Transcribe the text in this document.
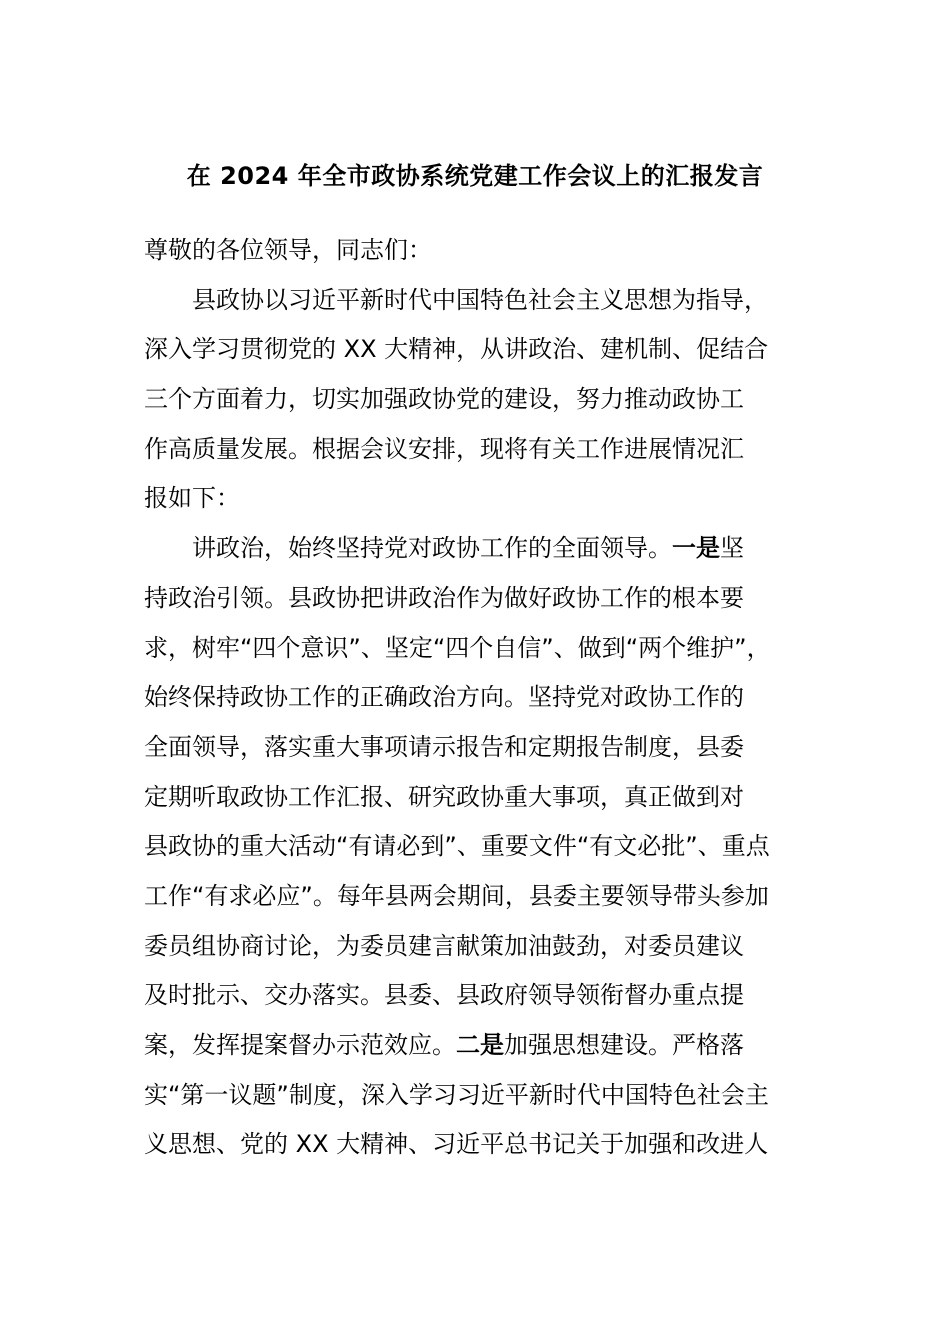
在 2024 年全市政协系统党建工作会议上的汇报发言
尊敬的各位领导，同志们：
县政协以习近平新时代中国特色社会主义思想为指导，
深入学习贯彻党的 XX 大精神，从讲政治、建机制、促结合
三个方面着力，切实加强政协党的建设，努力推动政协工
作高质量发展。根据会议安排，现将有关工作进展情况汇
报如下：
讲政治，始终坚持党对政协工作的全面领导。一是坚
持政治引领。县政协把讲政治作为做好政协工作的根本要
求，树牢“四个意识”、坚定“四个自信”、做到“两个维护”，
始终保持政协工作的正确政治方向。坚持党对政协工作的
全面领导，落实重大事项请示报告和定期报告制度，县委
定期听取政协工作汇报、研究政协重大事项，真正做到对
县政协的重大活动“有请必到”、重要文件“有文必批”、重点
工作“有求必应”。每年县两会期间，县委主要领导带头参加
委员组协商讨论，为委员建言献策加油鼓劲，对委员建议
及时批示、交办落实。县委、县政府领导领衔督办重点提
案，发挥提案督办示范效应。二是加强思想建设。严格落
实“第一议题”制度，深入学习习近平新时代中国特色社会主
义思想、党的 XX 大精神、习近平总书记关于加强和改进人
